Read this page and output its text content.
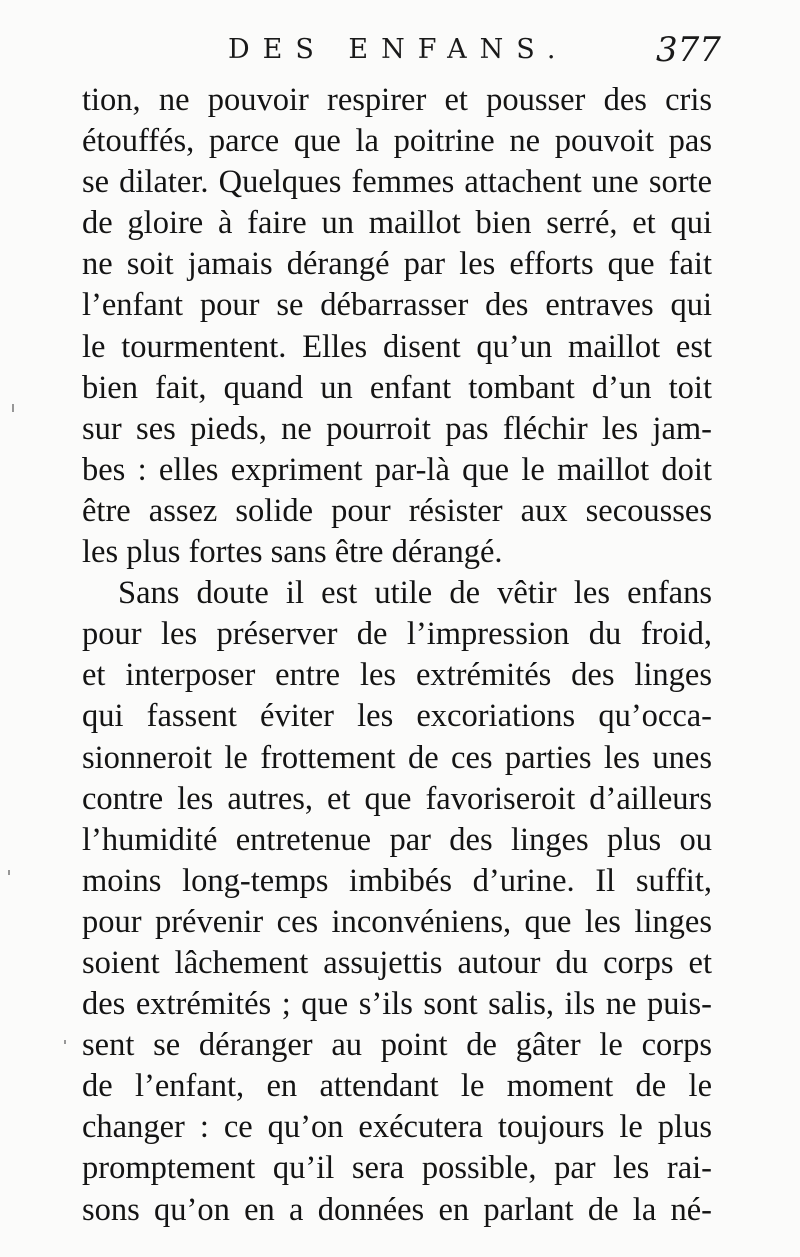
DES ENFANS.	377
tion, ne pouvoir respirer et pousser des cris
étouffés, parce que la poitrine ne pouvoit pas
se dilater. Quelques femmes attachent une sorte
de gloire à faire un maillot bien serré, et qui
ne soit jamais dérangé par les efforts que fait
l’enfant pour se débarrasser des entraves qui
le tourmentent. Elles disent qu’un maillot est
bien fait, quand un enfant tombant d’un toit
sur ses pieds, ne pourroit pas fléchir les jam-
bes : elles expriment par-là que le maillot doit
être assez solide pour résister aux secousses
les plus fortes sans être dérangé.
Sans doute il est utile de vêtir les enfans
pour les préserver de l’impression du froid,
et interposer entre les extrémités des linges
qui fassent éviter les excoriations qu’occa-
sionneroit le frottement de ces parties les unes
contre les autres, et que favoriseroit d’ailleurs
l’humidité entretenue par des linges plus ou
moins long-temps imbibés d’urine. Il suffit,
pour prévenir ces inconvéniens, que les linges
soient lâchement assujettis autour du corps et
des extrémités ; que s’ils sont salis, ils ne puis-
sent se déranger au point de gâter le corps
de l’enfant, en attendant le moment de le
changer : ce qu’on exécutera toujours le plus
promptement qu’il sera possible, par les rai-
sons qu’on en a données en parlant de la né-
